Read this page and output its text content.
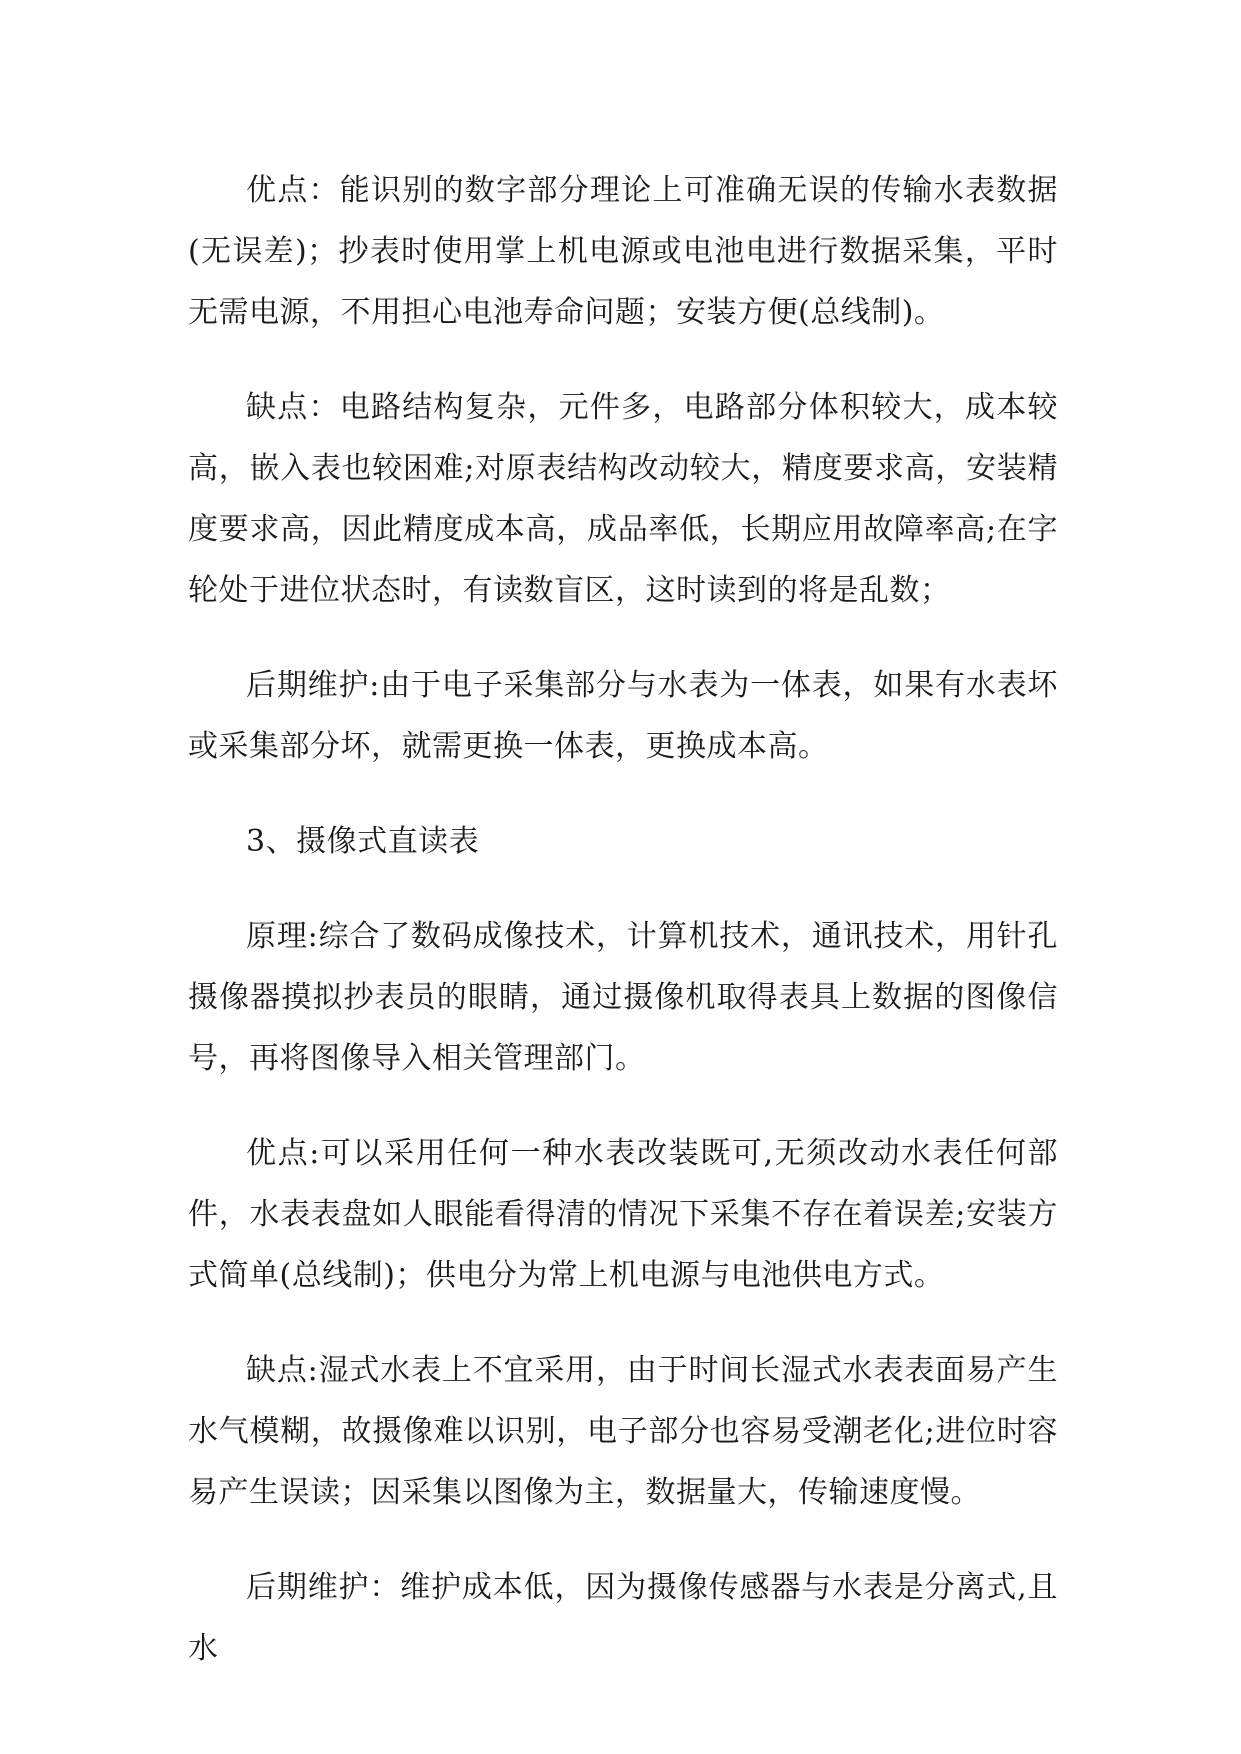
优点：能识别的数字部分理论上可准确无误的传输水表数据(无误差)；抄表时使用掌上机电源或电池电进行数据采集，平时无需电源，不用担心电池寿命问题；安装方便(总线制)。

缺点：电路结构复杂，元件多，电路部分体积较大，成本较高，嵌入表也较困难;对原表结构改动较大，精度要求高，安装精度要求高，因此精度成本高，成品率低，长期应用故障率高;在字轮处于进位状态时，有读数盲区，这时读到的将是乱数；

后期维护:由于电子采集部分与水表为一体表，如果有水表坏或采集部分坏，就需更换一体表，更换成本高。

3、摄像式直读表

原理:综合了数码成像技术，计算机技术，通讯技术，用针孔摄像器摸拟抄表员的眼睛，通过摄像机取得表具上数据的图像信号，再将图像导入相关管理部门。

优点:可以采用任何一种水表改装既可,无须改动水表任何部件，水表表盘如人眼能看得清的情况下采集不存在着误差;安装方式简单(总线制)；供电分为常上机电源与电池供电方式。

缺点:湿式水表上不宜采用，由于时间长湿式水表表面易产生水气模糊，故摄像难以识别，电子部分也容易受潮老化;进位时容易产生误读；因采集以图像为主，数据量大，传输速度慢。

后期维护：维护成本低，因为摄像传感器与水表是分离式,且水
